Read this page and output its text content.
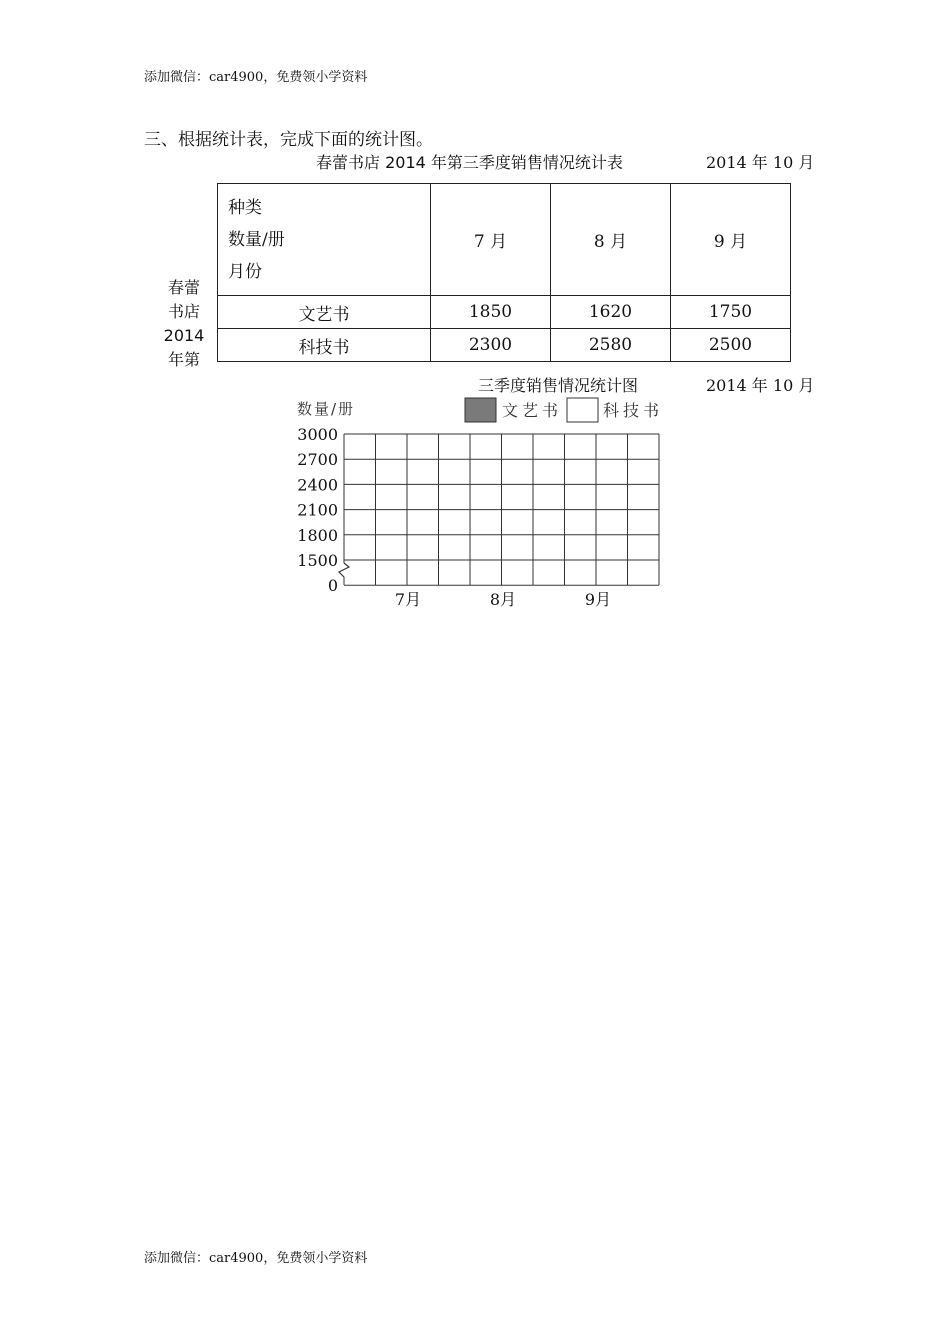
添加微信：car4900，免费领小学资料
三、根据统计表，完成下面的统计图。
春蕾书店 2014 年第三季度销售情况统计表	2014 年 10 月
春蕾
书店
2014
年第
种类
数量/册
月份	7 月	8 月	9 月
文艺书	1850	1620	1750
科技书	2300	2580	2500
三季度销售情况统计图	2014 年 10 月
3000
2700
2400
2100
1800
1500
0
数量/册
7月	8月	9月
文艺书	科技书
添加微信：car4900，免费领小学资料
